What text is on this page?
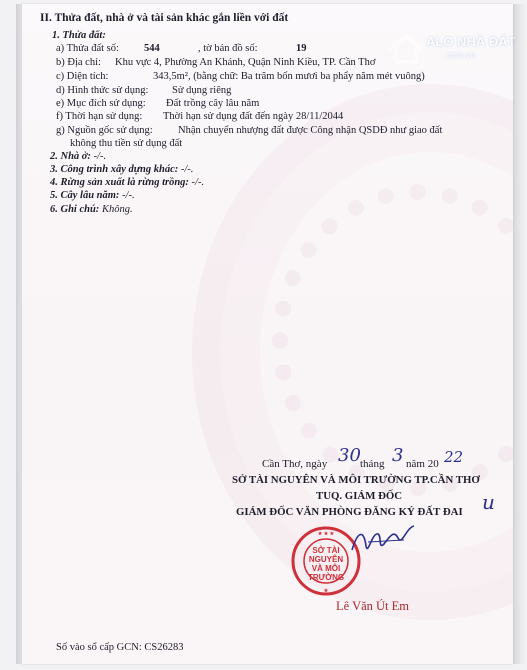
II. Thửa đất, nhà ở và tài sản khác gắn liền với đất
1. Thửa đất:
a) Thửa đất số: 544	, tờ bản đồ số:	19
b) Địa chỉ: Khu vực 4, Phường An Khánh, Quận Ninh Kiều, TP. Cần Thơ
c) Diện tích:	343,5m², (bằng chữ: Ba trăm bốn mươi ba phẩy năm mét vuông)
d) Hình thức sử dụng: Sử dụng riêng
e) Mục đích sử dụng: Đất trồng cây lâu năm
f) Thời hạn sử dụng: Thời hạn sử dụng đất đến ngày 28/11/2044
g) Nguồn gốc sử dụng: Nhận chuyển nhượng đất được Công nhận QSDĐ như giao đất
không thu tiền sử dụng đất
2. Nhà ở: -/-.
3. Công trình xây dựng khác: -/-.
4. Rừng sản xuất là rừng trồng: -/-.
5. Cây lâu năm: -/-.
6. Ghi chú: Không.
ALO NHÀ ĐẤT
.com.vn
Cần Thơ, ngày 30 tháng 3 năm 20 22
SỞ TÀI NGUYÊN VÀ MÔI TRƯỜNG TP.CẦN THƠ
TUQ. GIÁM ĐỐC
GIÁM ĐỐC VĂN PHÒNG ĐĂNG KÝ ĐẤT ĐAI u
★ ★ ★
★
SỞ TÀI NGUYÊN VÀ MÔI TRƯỜNG
Lê Văn Út Em
Số vào sổ cấp GCN: CS26283
